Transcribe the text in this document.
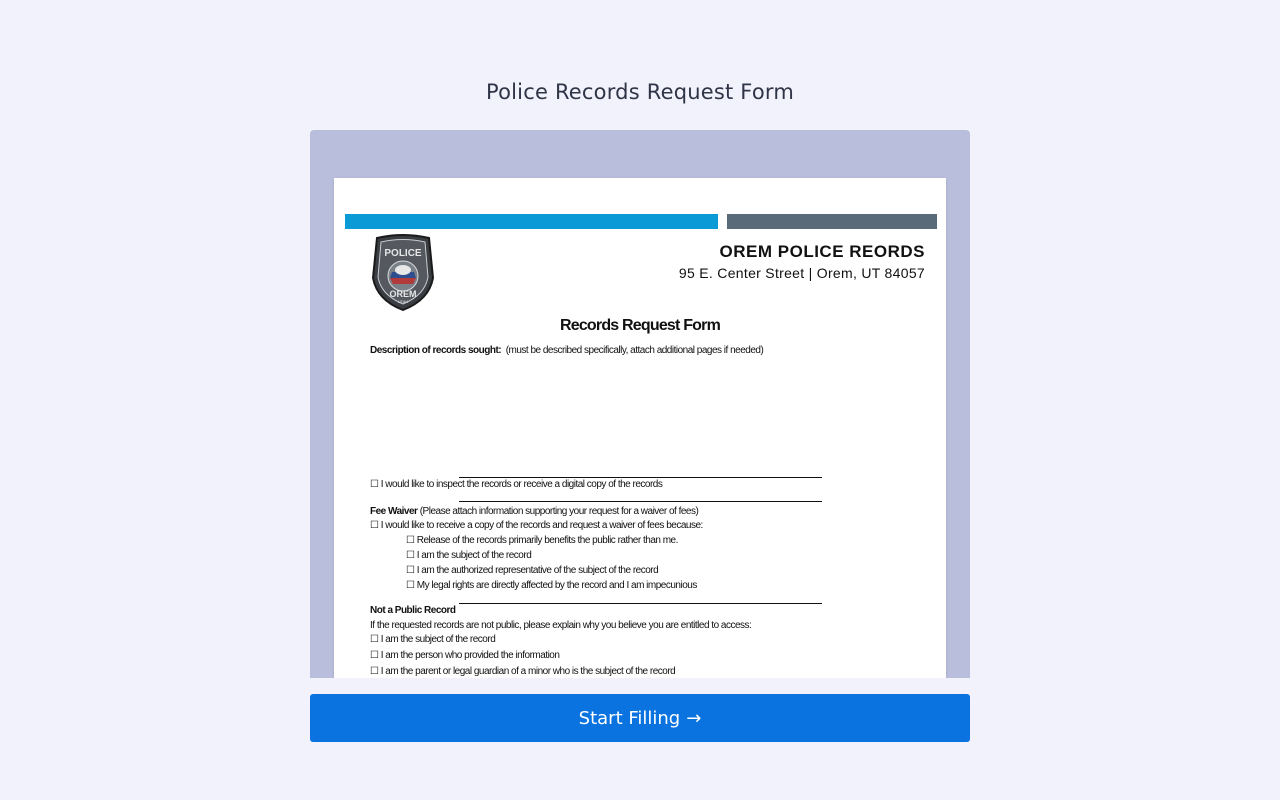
Police Records Request Form
POLICE
OREM
UTAH
OREM POLICE REORDS
95 E. Center Street | Orem, UT 84057
Records Request Form
Description of records sought: (must be described specifically, attach additional pages if needed)
☐ I would like to inspect the records or receive a digital copy of the records
Fee Waiver (Please attach information supporting your request for a waiver of fees)
☐ I would like to receive a copy of the records and request a waiver of fees because:
☐ Release of the records primarily benefits the public rather than me.
☐ I am the subject of the record
☐ I am the authorized representative of the subject of the record
☐ My legal rights are directly affected by the record and I am impecunious
Not a Public Record
If the requested records are not public, please explain why you believe you are entitled to access:
☐ I am the subject of the record
☐ I am the person who provided the information
☐ I am the parent or legal guardian of a minor who is the subject of the record
Start Filling →
